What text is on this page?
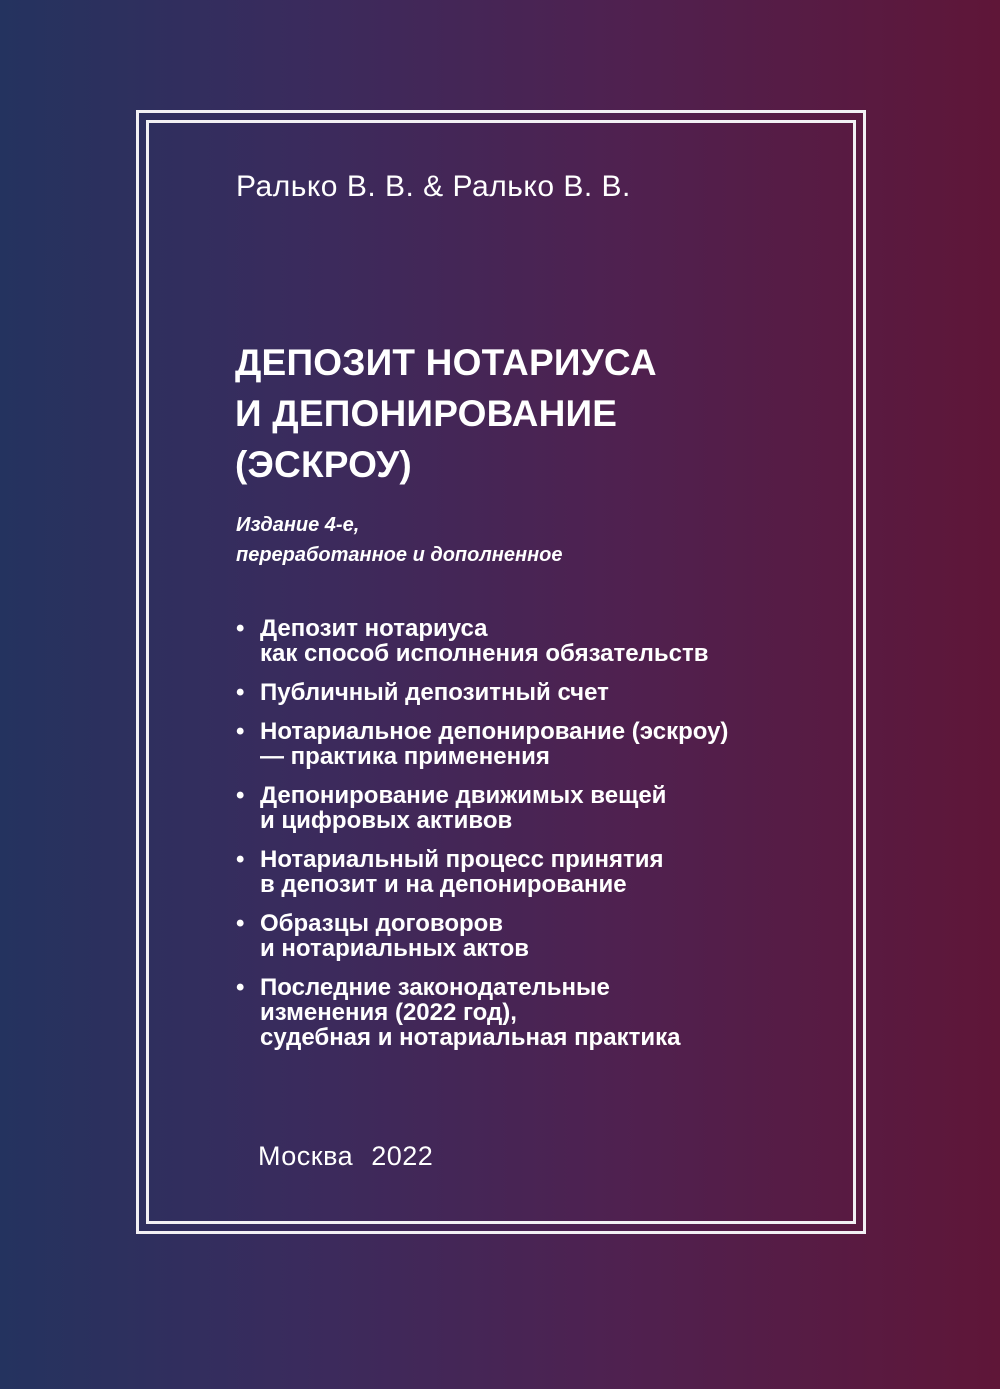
Ралько В. В. & Ралько В. В.
ДЕПОЗИТ НОТАРИУСА
И ДЕПОНИРОВАНИЕ
(ЭСКРОУ)
Издание 4-е,
переработанное и дополненное
• Депозит нотариуса
как способ исполнения обязательств
• Публичный депозитный счет
• Нотариальное депонирование (эскроу)
— практика применения
• Депонирование движимых вещей
и цифровых активов
• Нотариальный процесс принятия
в депозит и на депонирование
• Образцы договоров
и нотариальных актов
• Последние законодательные
изменения (2022 год),
судебная и нотариальная практика
Москва 2022
